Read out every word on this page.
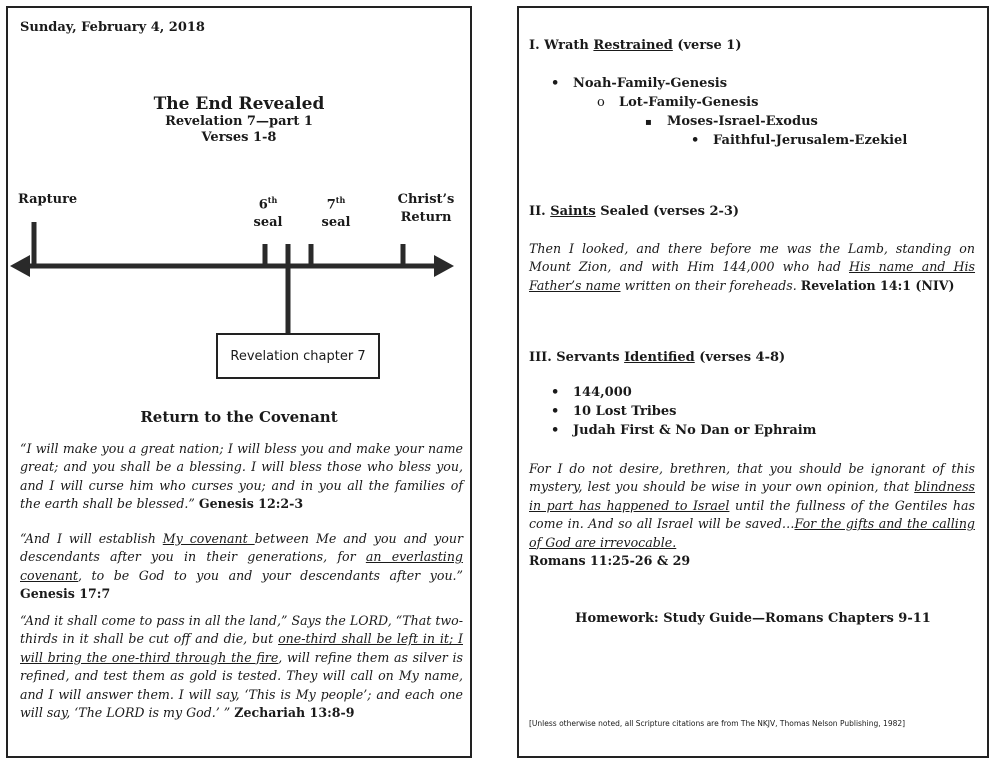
Sunday, February 4, 2018
The End Revealed
Revelation 7—part 1
Verses 1-8
Rapture	6th
seal
7th
seal
Christ’s
Return
Revelation chapter 7
Return to the Covenant
“I will make you a great nation; I will bless you and make your name great; and you shall be a blessing. I will bless those who bless you, and I will curse him who curses you; and in you all the families of the earth shall be blessed.” Genesis 12:2-3
“And I will establish My covenant between Me and you and your descendants after you in their generations, for an everlasting covenant, to be God to you and your descendants after you.” Genesis 17:7
“And it shall come to pass in all the land,” Says the LORD, “That two-thirds in it shall be cut off and die, but one-third shall be left in it; I will bring the one-third through the fire, will refine them as silver is refined, and test them as gold is tested. They will call on My name, and I will answer them. I will say, ‘This is My people’; and each one will say, ‘The LORD is my God.’ ” Zechariah 13:8-9
I. Wrath Restrained (verse 1)
•	Noah-Family-Genesis
o	Lot-Family-Genesis
▪	Moses-Israel-Exodus
•	Faithful-Jerusalem-Ezekiel
II. Saints Sealed (verses 2-3)
Then I looked, and there before me was the Lamb, standing on Mount Zion, and with Him 144,000 who had His name and His Father’s name written on their foreheads. Revelation 14:1 (NIV)
III. Servants Identified (verses 4-8)
•	144,000
•	10 Lost Tribes
•	Judah First & No Dan or Ephraim
For I do not desire, brethren, that you should be ignorant of this mystery, lest you should be wise in your own opinion, that blindness in part has happened to Israel until the fullness of the Gentiles has come in. And so all Israel will be saved…For the gifts and the calling of God are irrevocable.
Romans 11:25-26 & 29
Homework: Study Guide—Romans Chapters 9-11
[Unless otherwise noted, all Scripture citations are from The NKJV, Thomas Nelson Publishing, 1982]
